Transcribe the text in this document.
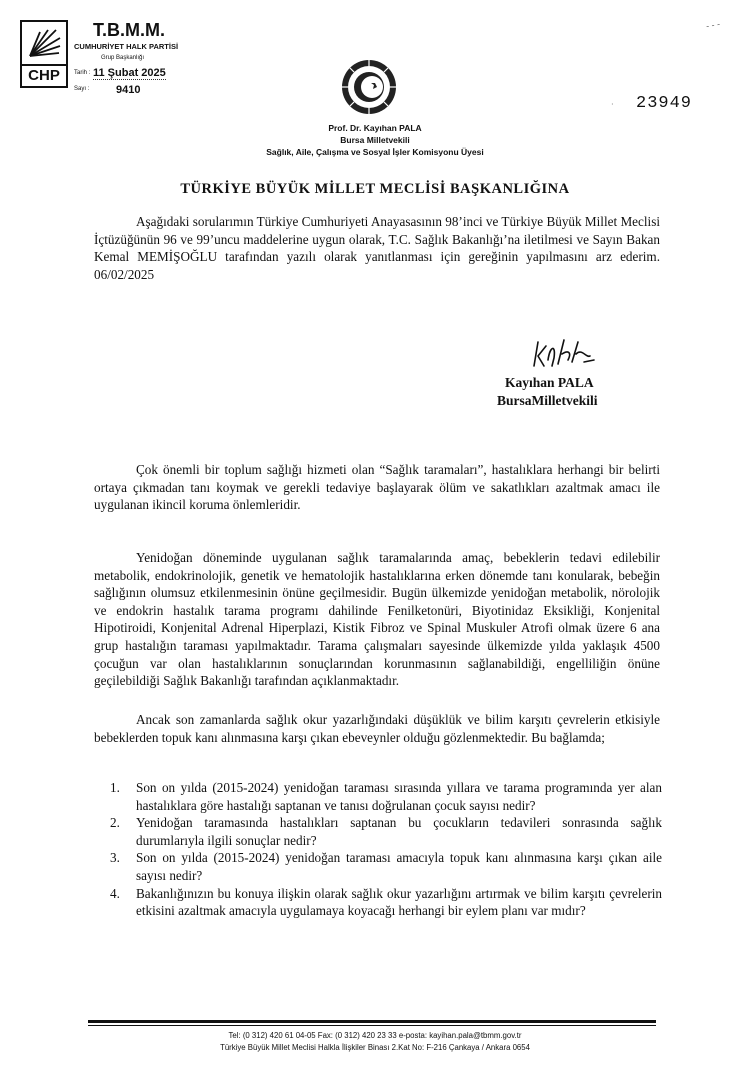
CHP
T.B.M.M.
CUMHURİYET HALK PARTİSİ
Grup Başkanlığı
Tarih : 11 Şubat 2025
Sayı : 9410
‑ ‑ ‑
· 23949
Prof. Dr. Kayıhan PALA
Bursa Milletvekili
Sağlık, Aile, Çalışma ve Sosyal İşler Komisyonu Üyesi
TÜRKİYE BÜYÜK MİLLET MECLİSİ BAŞKANLIĞINA
Aşağıdaki sorularımın Türkiye Cumhuriyeti Anayasasının 98’inci ve Türkiye Büyük Millet Meclisi İçtüzüğünün 96 ve 99’uncu maddelerine uygun olarak, T.C. Sağlık Bakanlığı’na iletilmesi ve Sayın Bakan Kemal MEMİŞOĞLU tarafından yazılı olarak yanıtlanması için gereğinin yapılmasını arz ederim. 06/02/2025
Kayıhan PALA
BursaMilletvekili
Çok önemli bir toplum sağlığı hizmeti olan “Sağlık taramaları”, hastalıklara herhangi bir belirti ortaya çıkmadan tanı koymak ve gerekli tedaviye başlayarak ölüm ve sakatlıkları azaltmak amacı ile uygulanan ikincil koruma önlemleridir.
Yenidoğan döneminde uygulanan sağlık taramalarında amaç, bebeklerin tedavi edilebilir metabolik, endokrinolojik, genetik ve hematolojik hastalıklarına erken dönemde tanı konularak, bebeğin sağlığının olumsuz etkilenmesinin önüne geçilmesidir. Bugün ülkemizde yenidoğan metabolik, nörolojik ve endokrin hastalık tarama programı dahilinde Fenilketonüri, Biyotinidaz Eksikliği, Konjenital Hipotiroidi, Konjenital Adrenal Hiperplazi, Kistik Fibroz ve Spinal Muskuler Atrofi olmak üzere 6 ana grup hastalığın taraması yapılmaktadır. Tarama çalışmaları sayesinde ülkemizde yılda yaklaşık 4500 çocuğun var olan hastalıklarının sonuçlarından korunmasının sağlanabildiği, engelliliğin önüne geçilebildiği Sağlık Bakanlığı tarafından açıklanmaktadır.
Ancak son zamanlarda sağlık okur yazarlığındaki düşüklük ve bilim karşıtı çevrelerin etkisiyle bebeklerden topuk kanı alınmasına karşı çıkan ebeveynler olduğu gözlenmektedir. Bu bağlamda;
1. Son on yılda (2015-2024) yenidoğan taraması sırasında yıllara ve tarama programında yer alan hastalıklara göre hastalığı saptanan ve tanısı doğrulanan çocuk sayısı nedir?
2. Yenidoğan taramasında hastalıkları saptanan bu çocukların tedavileri sonrasında sağlık durumlarıyla ilgili sonuçlar nedir?
3. Son on yılda (2015-2024) yenidoğan taraması amacıyla topuk kanı alınmasına karşı çıkan aile sayısı nedir?
4. Bakanlığınızın bu konuya ilişkin olarak sağlık okur yazarlığını artırmak ve bilim karşıtı çevrelerin etkisini azaltmak amacıyla uygulamaya koyacağı herhangi bir eylem planı var mıdır?
Tel: (0 312) 420 61 04-05 Fax: (0 312) 420 23 33 e-posta: kayihan.pala@tbmm.gov.tr
Türkiye Büyük Millet Meclisi Halkla İlişkiler Binası 2.Kat No: F-216 Çankaya / Ankara 0654
